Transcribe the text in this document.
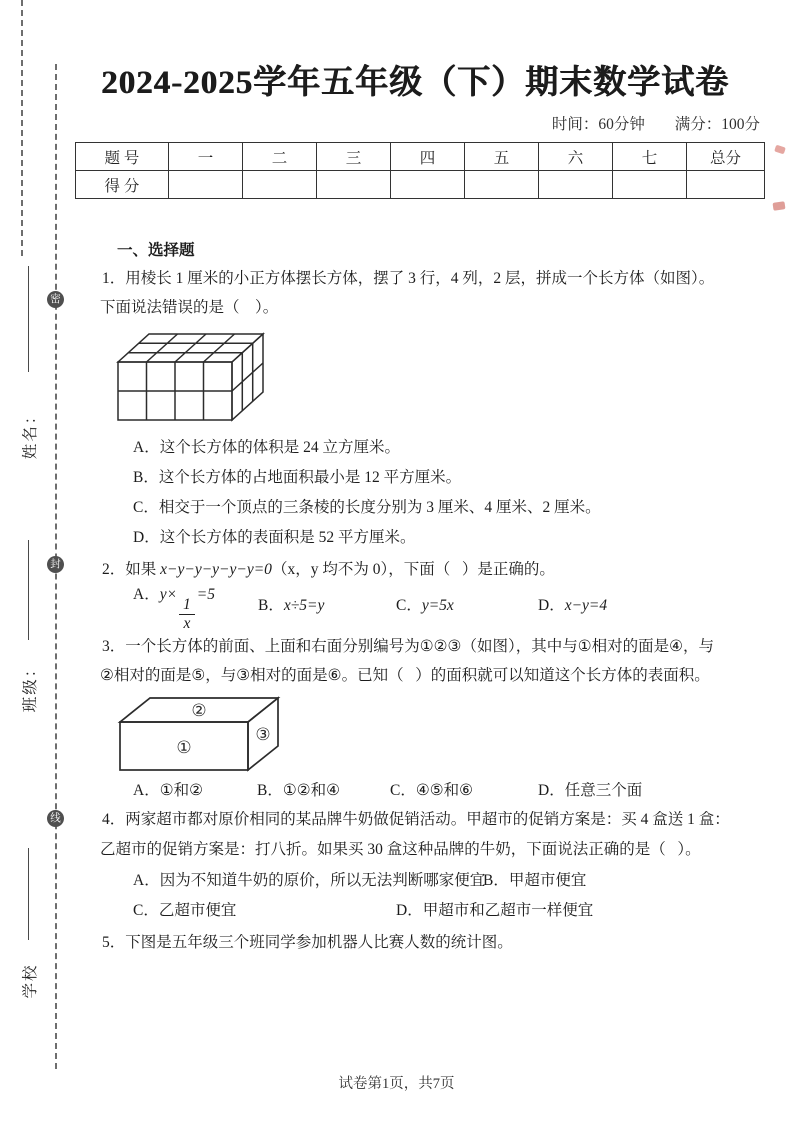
密
封
线
姓名：
班级：
学校
2024-2025学年五年级（下）期末数学试卷
时间：60分钟 满分：100分
题 号	一	二	三	四	五	六	七	总分
得 分								
一、选择题
1．用棱长 1 厘米的小正方体摆长方体，摆了 3 行，4 列，2 层，拼成一个长方体（如图）。
下面说法错误的是（    ）。
A．这个长方体的体积是 24 立方厘米。
B．这个长方体的占地面积最小是 12 平方厘米。
C．相交于一个顶点的三条棱的长度分别为 3 厘米、4 厘米、2 厘米。
D．这个长方体的表面积是 52 平方厘米。
2．如果 x−y−y−y−y−y=0（x，y 均不为 0），下面（   ）是正确的。
A．y×
$\frac{1}{x}$
=5
B．x÷5=y	C．y=5x	D．x−y=4
3．一个长方体的前面、上面和右面分别编号为①②③（如图），其中与①相对的面是④，与
②相对的面是⑤，与③相对的面是⑥。已知（   ）的面积就可以知道这个长方体的表面积。
②
①
③
A．①和②	B．①②和④	C．④⑤和⑥	D．任意三个面
4．两家超市都对原价相同的某品牌牛奶做促销活动。甲超市的促销方案是：买 4 盒送 1 盒：
乙超市的促销方案是：打八折。如果买 30 盒这种品牌的牛奶，下面说法正确的是（   ）。
A．因为不知道牛奶的原价，所以无法判断哪家便宜
B．甲超市便宜
C．乙超市便宜	D．甲超市和乙超市一样便宜
5．下图是五年级三个班同学参加机器人比赛人数的统计图。
试卷第1页，共7页
